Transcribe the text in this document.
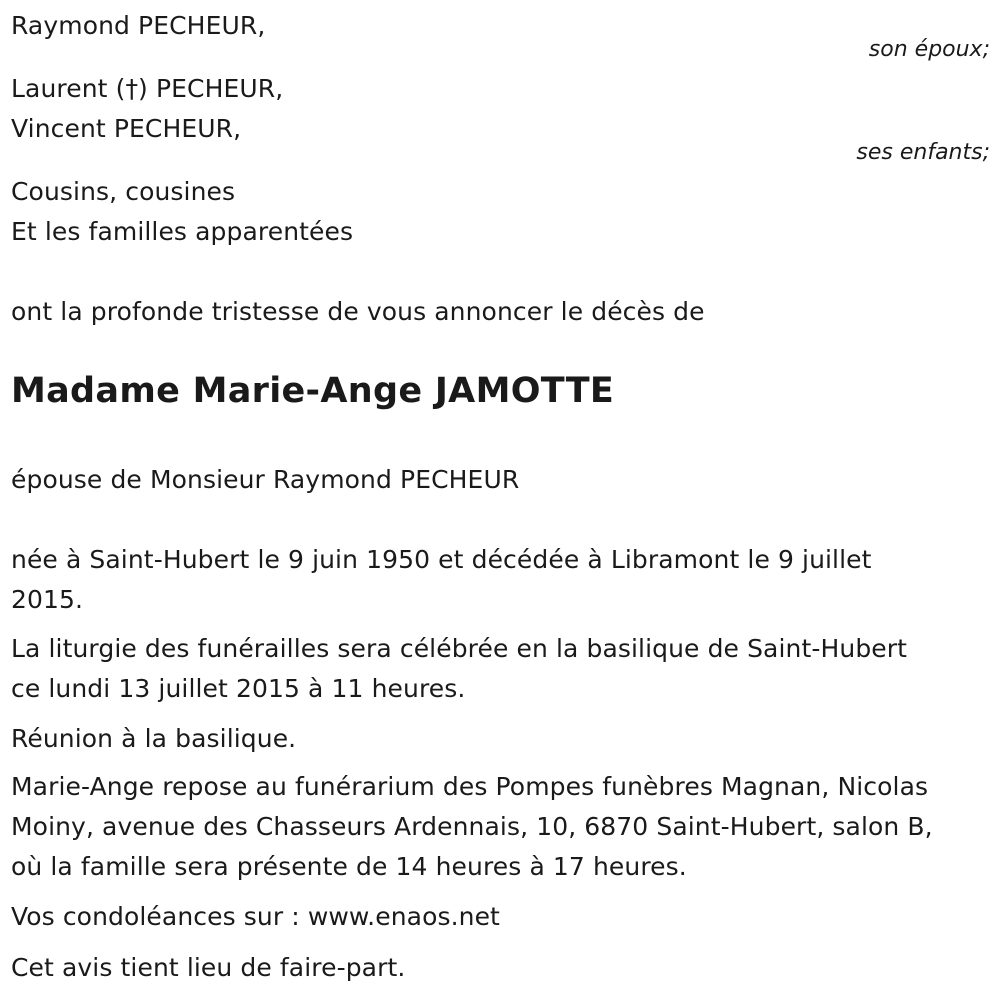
Raymond PECHEUR,
son époux;
Laurent (†) PECHEUR,
Vincent PECHEUR,
ses enfants;
Cousins, cousines
Et les familles apparentées
ont la profonde tristesse de vous annoncer le décès de
Madame Marie-Ange JAMOTTE
épouse de Monsieur Raymond PECHEUR
née à Saint-Hubert le 9 juin 1950 et décédée à Libramont le 9 juillet
2015.
La liturgie des funérailles sera célébrée en la basilique de Saint-Hubert
ce lundi 13 juillet 2015 à 11 heures.
Réunion à la basilique.
Marie-Ange repose au funérarium des Pompes funèbres Magnan, Nicolas
Moiny, avenue des Chasseurs Ardennais, 10, 6870 Saint-Hubert, salon B,
où la famille sera présente de 14 heures à 17 heures.
Vos condoléances sur : www.enaos.net
Cet avis tient lieu de faire-part.
